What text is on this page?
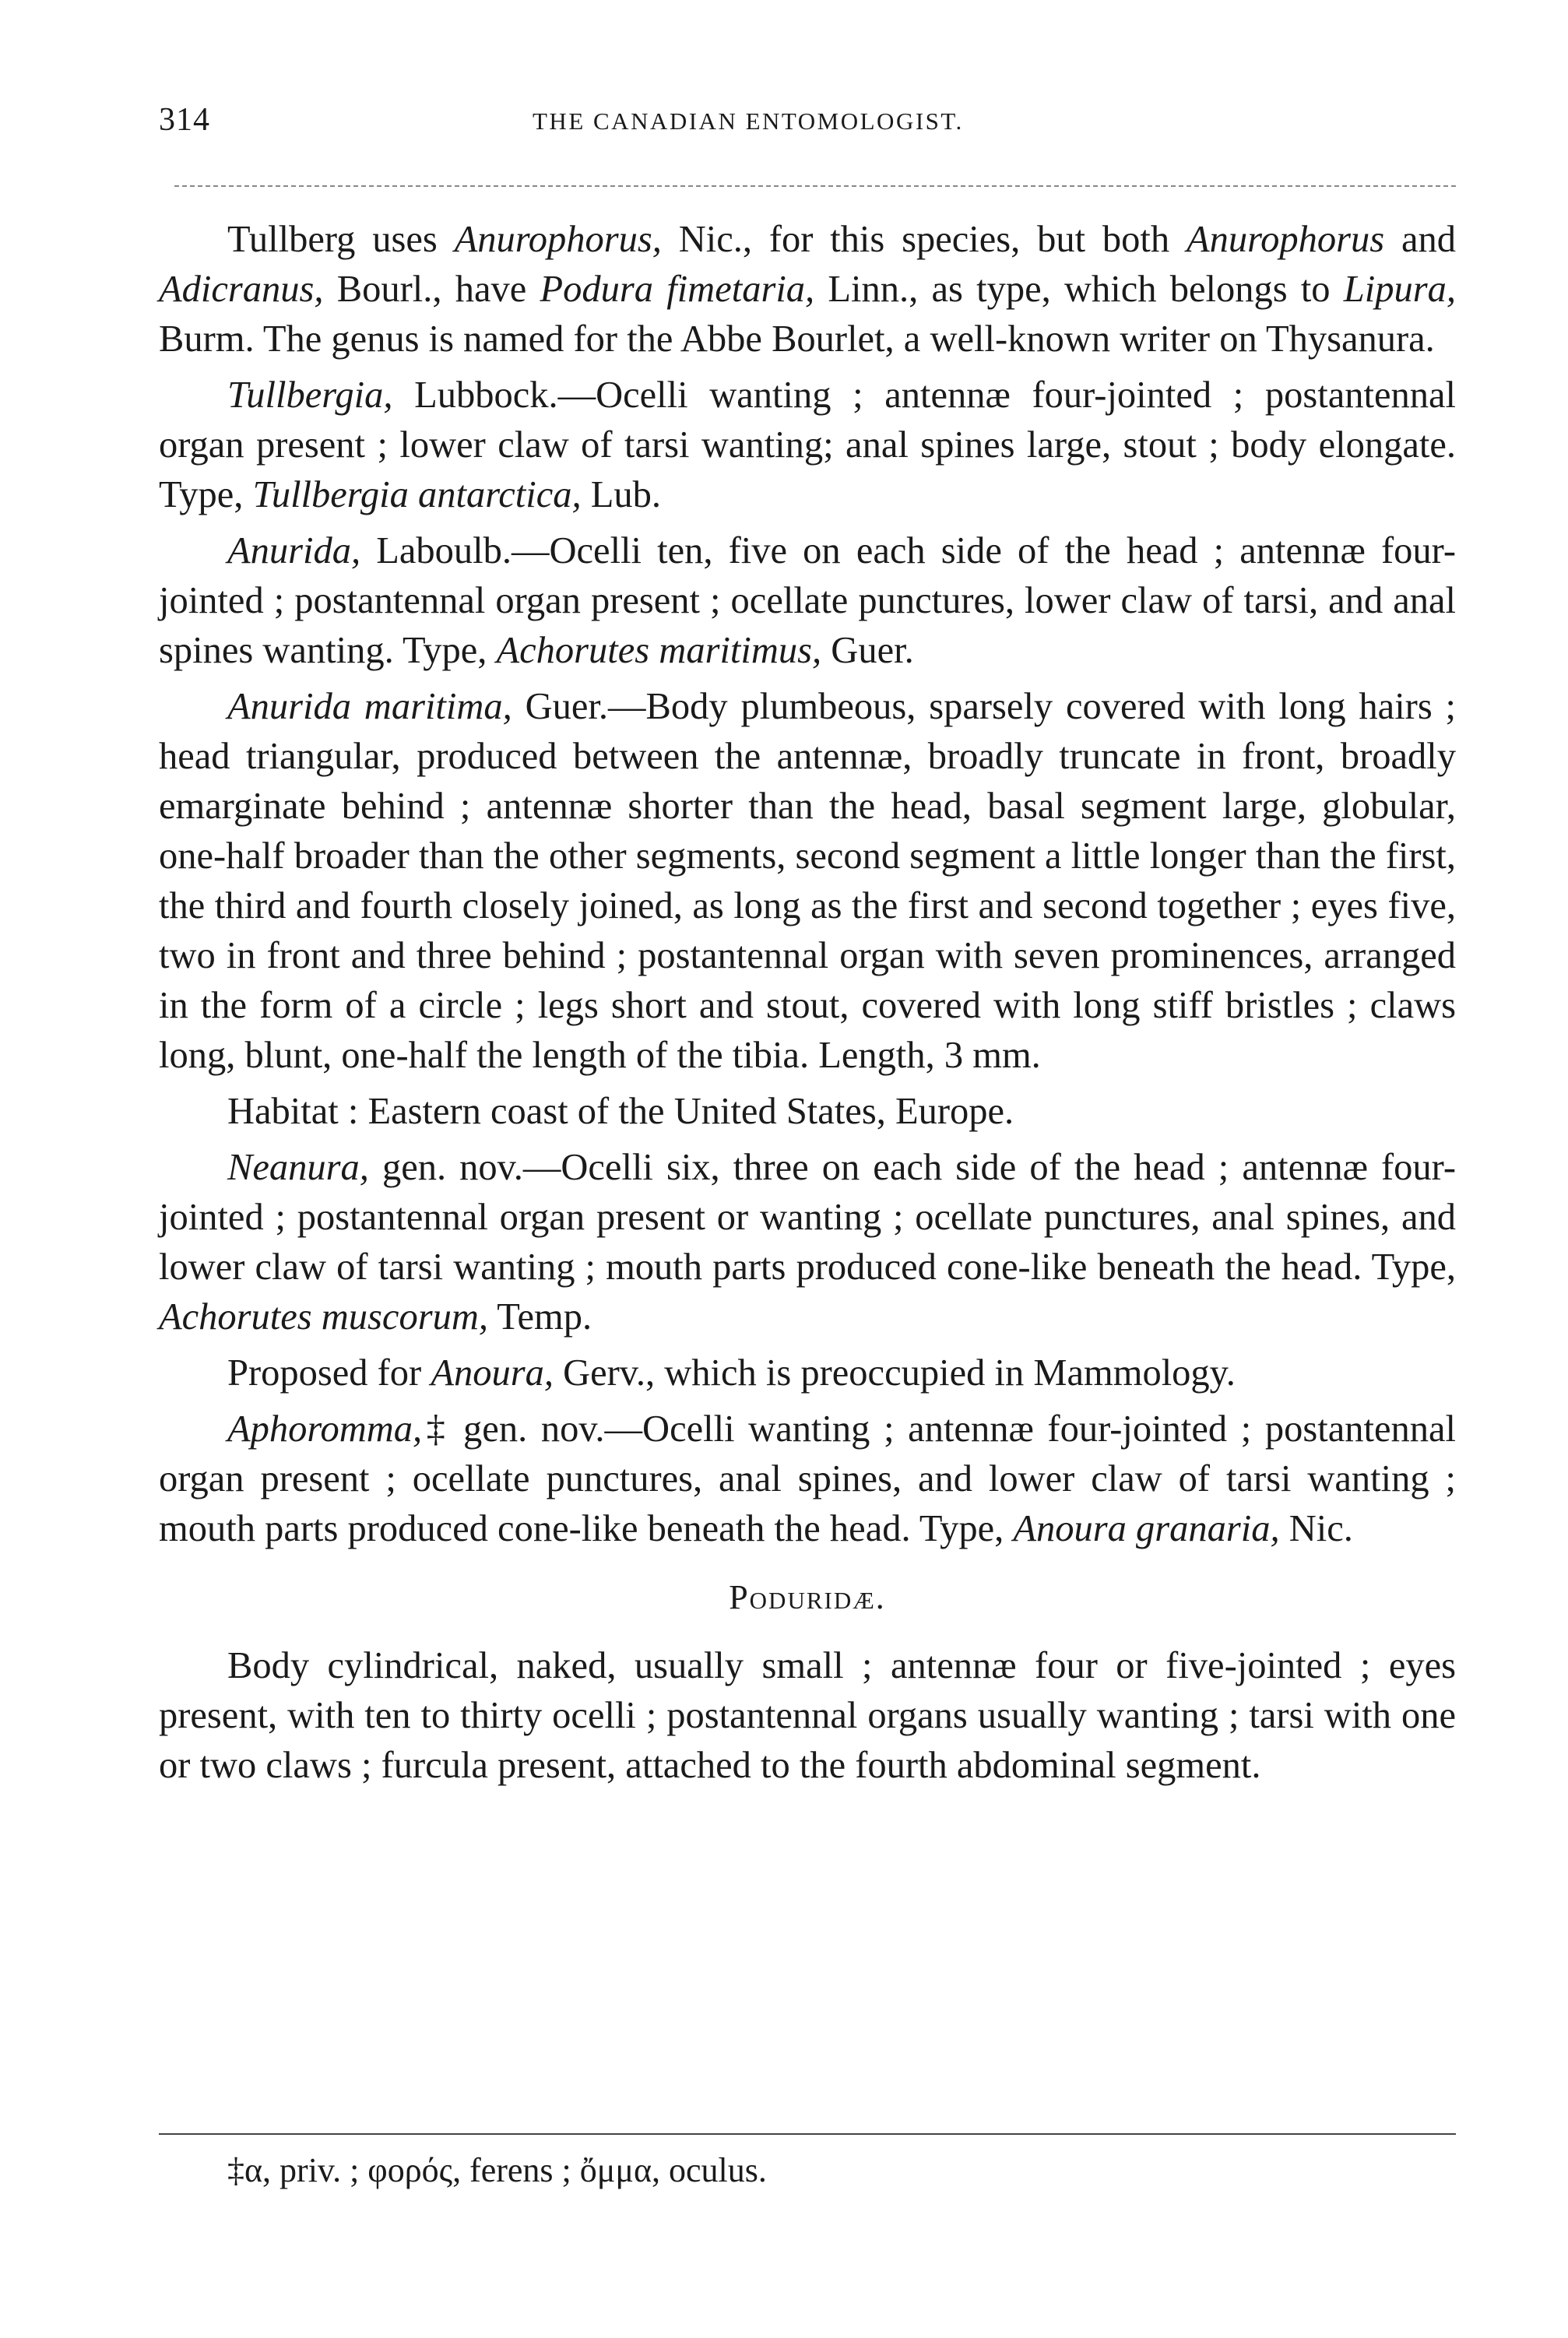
314	THE CANADIAN ENTOMOLOGIST.

Tullberg uses Anurophorus, Nic., for this species, but both Anurophorus and Adicranus, Bourl., have Podura fimetaria, Linn., as type, which belongs to Lipura, Burm. The genus is named for the Abbe Bourlet, a well-known writer on Thysanura.

Tullbergia, Lubbock.—Ocelli wanting ; antennæ four-jointed ; postantennal organ present ; lower claw of tarsi wanting; anal spines large, stout ; body elongate. Type, Tullbergia antarctica, Lub.

Anurida, Laboulb.—Ocelli ten, five on each side of the head ; antennæ four-jointed ; postantennal organ present ; ocellate punctures, lower claw of tarsi, and anal spines wanting. Type, Achorutes maritimus, Guer.

Anurida maritima, Guer.—Body plumbeous, sparsely covered with long hairs ; head triangular, produced between the antennæ, broadly truncate in front, broadly emarginate behind ; antennæ shorter than the head, basal segment large, globular, one-half broader than the other segments, second segment a little longer than the first, the third and fourth closely joined, as long as the first and second together ; eyes five, two in front and three behind ; postantennal organ with seven prominences, arranged in the form of a circle ; legs short and stout, covered with long stiff bristles ; claws long, blunt, one-half the length of the tibia. Length, 3 mm.

Habitat : Eastern coast of the United States, Europe.

Neanura, gen. nov.—Ocelli six, three on each side of the head ; antennæ four-jointed ; postantennal organ present or wanting ; ocellate punctures, anal spines, and lower claw of tarsi wanting ; mouth parts produced cone-like beneath the head. Type, Achorutes muscorum, Temp.

Proposed for Anoura, Gerv., which is preoccupied in Mammology.

Aphoromma,‡ gen. nov.—Ocelli wanting ; antennæ four-jointed ; postantennal organ present ; ocellate punctures, anal spines, and lower claw of tarsi wanting ; mouth parts produced cone-like beneath the head. Type, Anoura granaria, Nic.

Poduridæ.

Body cylindrical, naked, usually small ; antennæ four or five-jointed ; eyes present, with ten to thirty ocelli ; postantennal organs usually wanting ; tarsi with one or two claws ; furcula present, attached to the fourth abdominal segment.

‡α, priv. ; φορός, ferens ; ὄμμα, oculus.
